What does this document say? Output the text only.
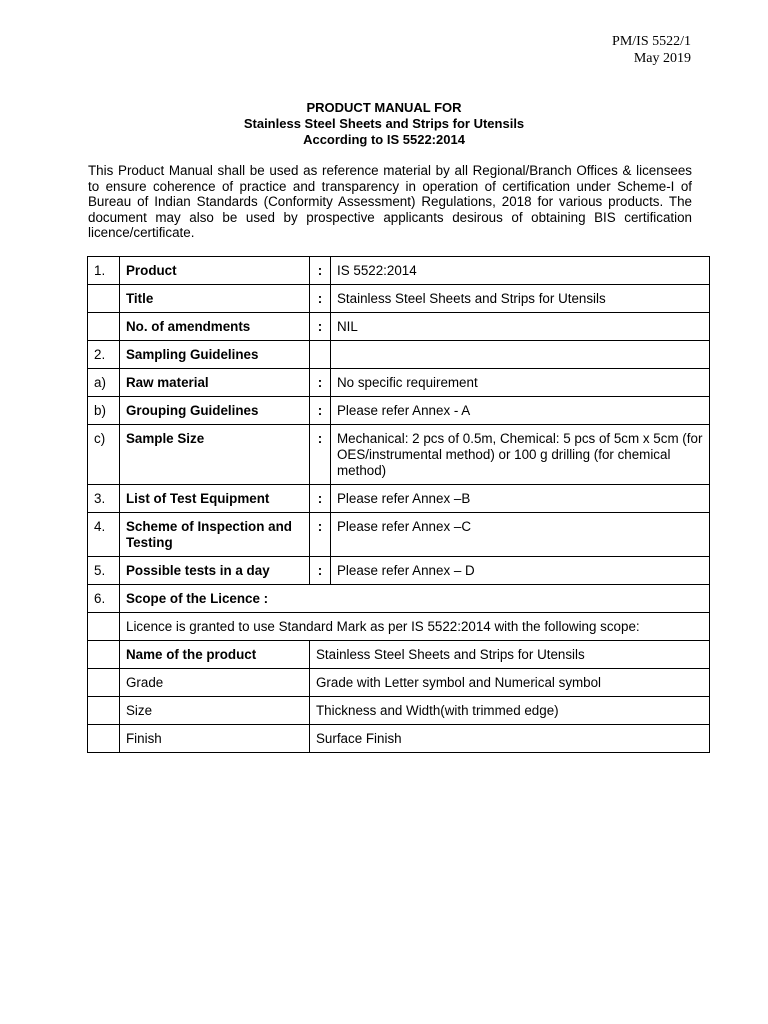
PM/IS 5522/1
May 2019
PRODUCT MANUAL FOR
Stainless Steel Sheets and Strips for Utensils
According to IS 5522:2014
This Product Manual shall be used as reference material by all Regional/Branch Offices & licensees to ensure coherence of practice and transparency in operation of certification under Scheme-I of Bureau of Indian Standards (Conformity Assessment) Regulations, 2018 for various products. The document may also be used by prospective applicants desirous of obtaining BIS certification licence/certificate.
1.	Product	:	IS 5522:2014
	Title	:	Stainless Steel Sheets and Strips for Utensils
	No. of amendments	:	NIL
2.	Sampling Guidelines		
a)	Raw material	:	No specific requirement
b)	Grouping Guidelines	:	Please refer Annex - A
c)	Sample Size	:	Mechanical: 2 pcs of 0.5m, Chemical: 5 pcs of 5cm x 5cm (for OES/instrumental method) or 100 g drilling (for chemical method)
3.	List of Test Equipment	:	Please refer Annex –B
4.	Scheme of Inspection and Testing	:	Please refer Annex –C
5.	Possible tests in a day	:	Please refer Annex – D
6.	Scope of the Licence :		
	Licence is granted to use Standard Mark as per IS 5522:2014 with the following scope:		
	Name of the product	Stainless Steel Sheets and Strips for Utensils	
	Grade	Grade with Letter symbol and Numerical symbol	
	Size	Thickness and Width(with trimmed edge)	
	Finish	Surface Finish	
